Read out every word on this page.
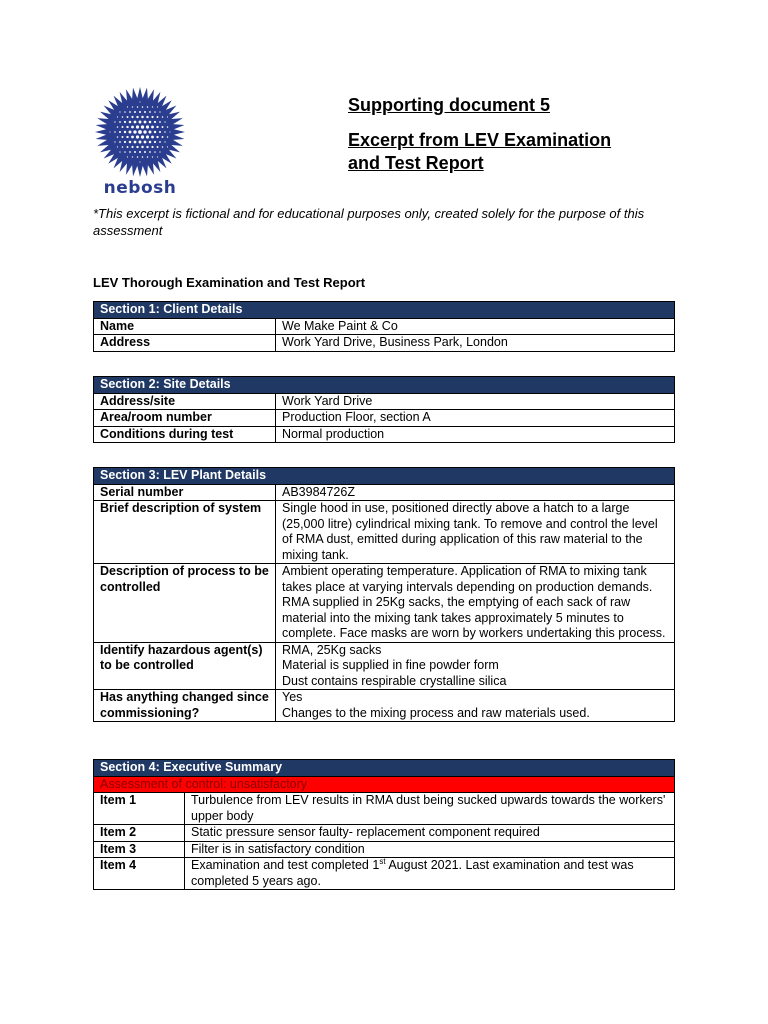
nebosh
Supporting document 5
Excerpt from LEV Examination
and Test Report
*This excerpt is fictional and for educational purposes only, created solely for the purpose of this assessment
LEV Thorough Examination and Test Report
Section 1: Client Details	
Name	We Make Paint & Co
Address	Work Yard Drive, Business Park, London
Section 2: Site Details	
Address/site	Work Yard Drive
Area/room number	Production Floor, section A
Conditions during test	Normal production
Section 3: LEV Plant Details	
Serial number	AB3984726Z
Brief description of system	Single hood in use, positioned directly above a hatch to a large (25,000 litre) cylindrical mixing tank. To remove and control the level of RMA dust, emitted during application of this raw material to the mixing tank.
Description of process to be controlled	Ambient operating temperature. Application of RMA to mixing tank takes place at varying intervals depending on production demands. RMA supplied in 25Kg sacks, the emptying of each sack of raw material into the mixing tank takes approximately 5 minutes to complete. Face masks are worn by workers undertaking this process.
Identify hazardous agent(s) to be controlled	RMA, 25Kg sacks
Material is supplied in fine powder form
Dust contains respirable crystalline silica

Has anything changed since commissioning?	Yes
Changes to the mixing process and raw materials used.
Section 4: Executive Summary	
Assessment of control: unsatisfactory	
Item 1	Turbulence from LEV results in RMA dust being sucked upwards towards the workers' upper body
Item 2	Static pressure sensor faulty- replacement component required
Item 3	Filter is in satisfactory condition
Item 4	Examination and test completed 1st August 2021. Last examination and test was completed 5 years ago.
